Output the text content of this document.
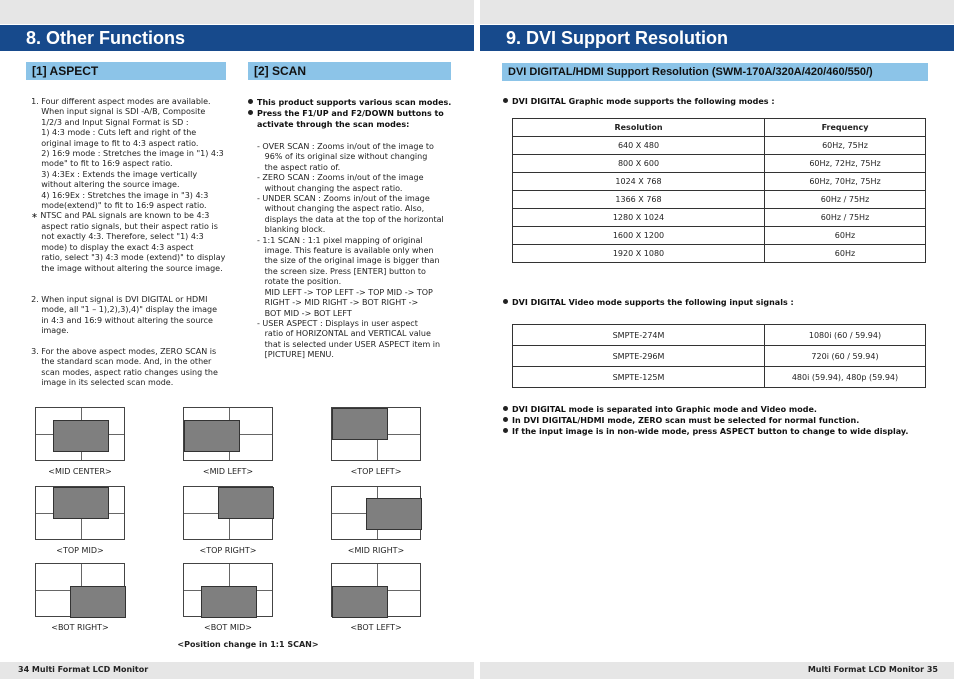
8. Other Functions
[1] ASPECT	[2] SCAN
1. Four different aspect modes are available.
When input signal is SDI -A/B, Composite
1/2/3 and Input Signal Format is SD :
1) 4:3 mode : Cuts left and right of the
original image to fit to 4:3 aspect ratio.
2) 16:9 mode : Stretches the image in "1) 4:3
mode" to fit to 16:9 aspect ratio.
3) 4:3Ex : Extends the image vertically
without altering the source image.
4) 16:9Ex : Stretches the image in "3) 4:3
mode(extend)" to fit to 16:9 aspect ratio.
∗ NTSC and PAL signals are known to be 4:3
aspect ratio signals, but their aspect ratio is
not exactly 4:3. Therefore, select "1) 4:3
mode) to display the exact 4:3 aspect
ratio, select "3) 4:3 mode (extend)" to display
the image without altering the source image.

2. When input signal is DVI DIGITAL or HDMI
mode, all "1 – 1),2),3),4)" display the image
in 4:3 and 16:9 without altering the source
image.

3. For the above aspect modes, ZERO SCAN is
the standard scan mode. And, in the other
scan modes, aspect ratio changes using the
image in its selected scan mode.
This product supports various scan modes.
Press the F1/UP and F2/DOWN buttons to
activate through the scan modes:
- OVER SCAN : Zooms in/out of the image to
96% of its original size without changing
the aspect ratio of.
- ZERO SCAN : Zooms in/out of the image
without changing the aspect ratio.
- UNDER SCAN : Zooms in/out of the image
without changing the aspect ratio. Also,
displays the data at the top of the horizontal
blanking block.
- 1:1 SCAN : 1:1 pixel mapping of original
image. This feature is available only when
the size of the original image is bigger than
the screen size. Press [ENTER] button to
rotate the position.
MID LEFT -> TOP LEFT -> TOP MID -> TOP
RIGHT -> MID RIGHT -> BOT RIGHT ->
BOT MID -> BOT LEFT
- USER ASPECT : Displays in user aspect
ratio of HORIZONTAL and VERTICAL value
that is selected under USER ASPECT item in
[PICTURE] MENU.
<MID CENTER>	<MID LEFT>	<TOP LEFT>
<TOP MID>	<TOP RIGHT>	<MID RIGHT>
<BOT RIGHT>	<BOT MID>	<BOT LEFT>
<Position change in 1:1 SCAN>
34 Multi Format LCD Monitor
9. DVI Support Resolution
DVI DIGITAL/HDMI Support Resolution (SWM-170A/320A/420/460/550/)
DVI DIGITAL Graphic mode supports the following modes :
Resolution	Frequency
640 X 480	60Hz, 75Hz
800 X 600	60Hz, 72Hz, 75Hz
1024 X 768	60Hz, 70Hz, 75Hz
1366 X 768	60Hz / 75Hz
1280 X 1024	60Hz / 75Hz
1600 X 1200	60Hz
1920 X 1080	60Hz
DVI DIGITAL Video mode supports the following input signals :
SMPTE-274M	1080i (60 / 59.94)
SMPTE-296M	720i (60 / 59.94)
SMPTE-125M	480i (59.94), 480p (59.94)
DVI DIGITAL mode is separated into Graphic mode and Video mode.
In DVI DIGITAL/HDMI mode, ZERO scan must be selected for normal function.
If the input image is in non-wide mode, press ASPECT button to change to wide display.
Multi Format LCD Monitor 35
